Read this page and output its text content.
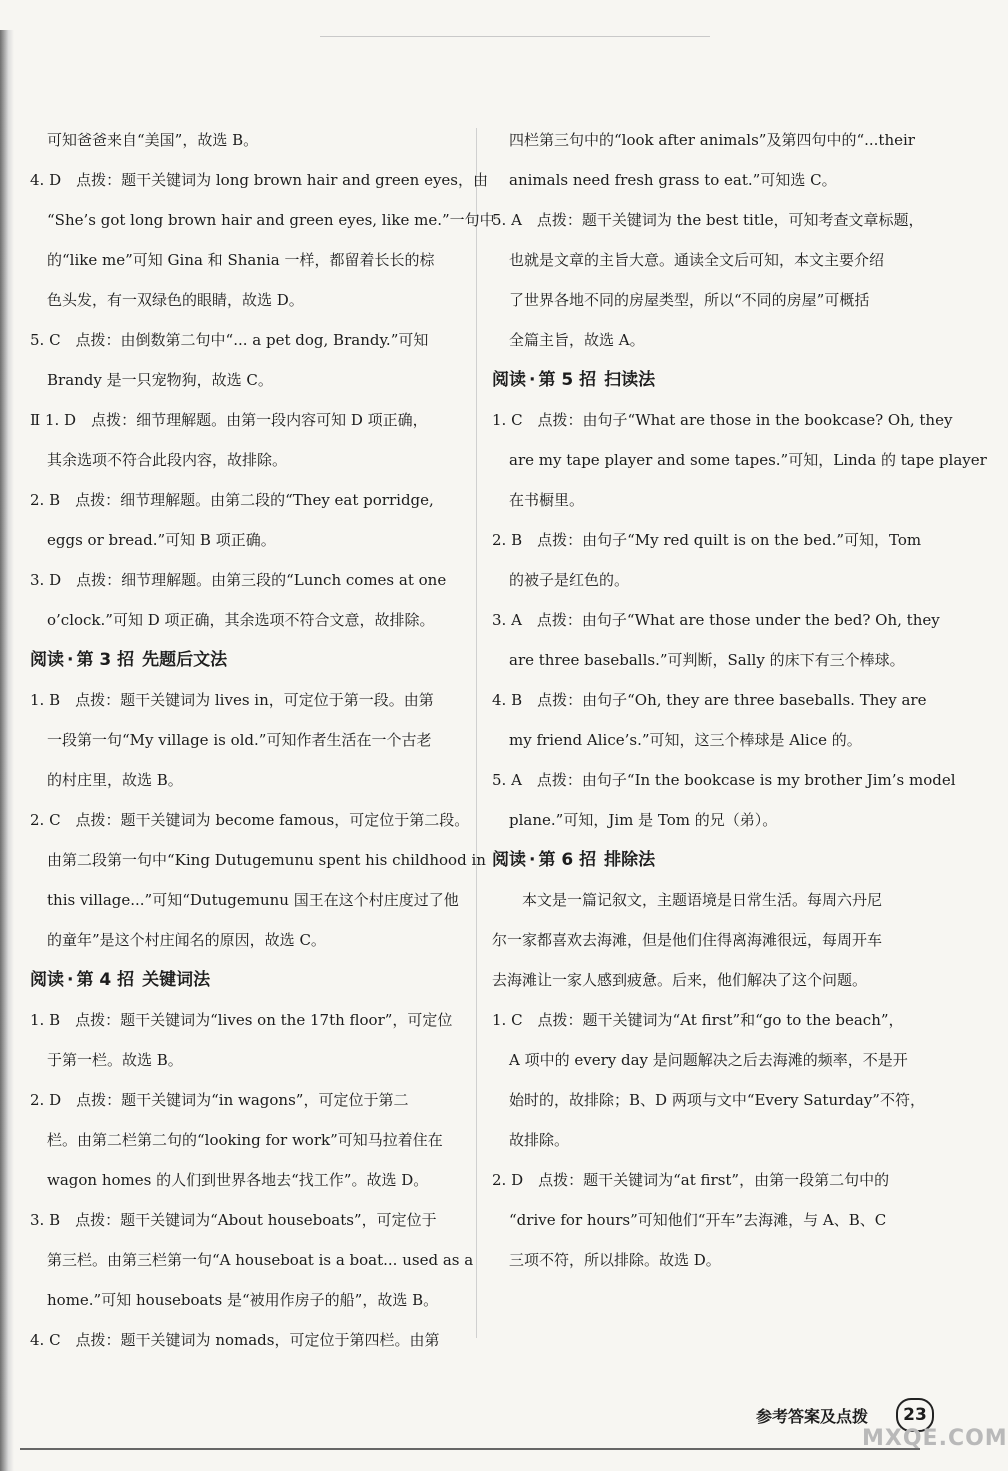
可知爸爸来自“美国”，故选 B。
4. D　点拨：题干关键词为 long brown hair and green eyes，由
“She’s got long brown hair and green eyes, like me.”一句中
的“like me”可知 Gina 和 Shania 一样，都留着长长的棕
色头发，有一双绿色的眼睛，故选 D。
5. C　点拨：由倒数第二句中“... a pet dog, Brandy.”可知
Brandy 是一只宠物狗，故选 C。
Ⅱ 1. D　点拨：细节理解题。由第一段内容可知 D 项正确，
其余选项不符合此段内容，故排除。
2. B　点拨：细节理解题。由第二段的“They eat porridge,
eggs or bread.”可知 B 项正确。
3. D　点拨：细节理解题。由第三段的“Lunch comes at one
o’clock.”可知 D 项正确，其余选项不符合文意，故排除。
阅读 · 第 3 招 先题后文法
1. B　点拨：题干关键词为 lives in，可定位于第一段。由第
一段第一句“My village is old.”可知作者生活在一个古老
的村庄里，故选 B。
2. C　点拨：题干关键词为 become famous，可定位于第二段。
由第二段第一句中“King Dutugemunu spent his childhood in
this village...”可知“Dutugemunu 国王在这个村庄度过了他
的童年”是这个村庄闻名的原因，故选 C。
阅读 · 第 4 招 关键词法
1. B　点拨：题干关键词为“lives on the 17th floor”，可定位
于第一栏。故选 B。
2. D　点拨：题干关键词为“in wagons”，可定位于第二
栏。由第二栏第二句的“looking for work”可知马拉着住在
wagon homes 的人们到世界各地去“找工作”。故选 D。
3. B　点拨：题干关键词为“About houseboats”，可定位于
第三栏。由第三栏第一句“A houseboat is a boat... used as a
home.”可知 houseboats 是“被用作房子的船”，故选 B。
4. C　点拨：题干关键词为 nomads，可定位于第四栏。由第
四栏第三句中的“look after animals”及第四句中的“...their
animals need fresh grass to eat.”可知选 C。
5. A　点拨：题干关键词为 the best title，可知考查文章标题，
也就是文章的主旨大意。通读全文后可知，本文主要介绍
了世界各地不同的房屋类型，所以“不同的房屋”可概括
全篇主旨，故选 A。
阅读 · 第 5 招 扫读法
1. C　点拨：由句子“What are those in the bookcase? Oh, they
are my tape player and some tapes.”可知，Linda 的 tape player
在书橱里。
2. B　点拨：由句子“My red quilt is on the bed.”可知，Tom
的被子是红色的。
3. A　点拨：由句子“What are those under the bed? Oh, they
are three baseballs.”可判断，Sally 的床下有三个棒球。
4. B　点拨：由句子“Oh, they are three baseballs. They are
my friend Alice’s.”可知，这三个棒球是 Alice 的。
5. A　点拨：由句子“In the bookcase is my brother Jim’s model
plane.”可知，Jim 是 Tom 的兄（弟）。
阅读 · 第 6 招 排除法
　　本文是一篇记叙文，主题语境是日常生活。每周六丹尼
尔一家都喜欢去海滩，但是他们住得离海滩很远，每周开车
去海滩让一家人感到疲惫。后来，他们解决了这个问题。
1. C　点拨：题干关键词为“At first”和“go to the beach”，
A 项中的 every day 是问题解决之后去海滩的频率，不是开
始时的，故排除；B、D 两项与文中“Every Saturday”不符，
故排除。
2. D　点拨：题干关键词为“at first”，由第一段第二句中的
“drive for hours”可知他们“开车”去海滩，与 A、B、C
三项不符，所以排除。故选 D。
参考答案及点拨	23
MXQE.COM
